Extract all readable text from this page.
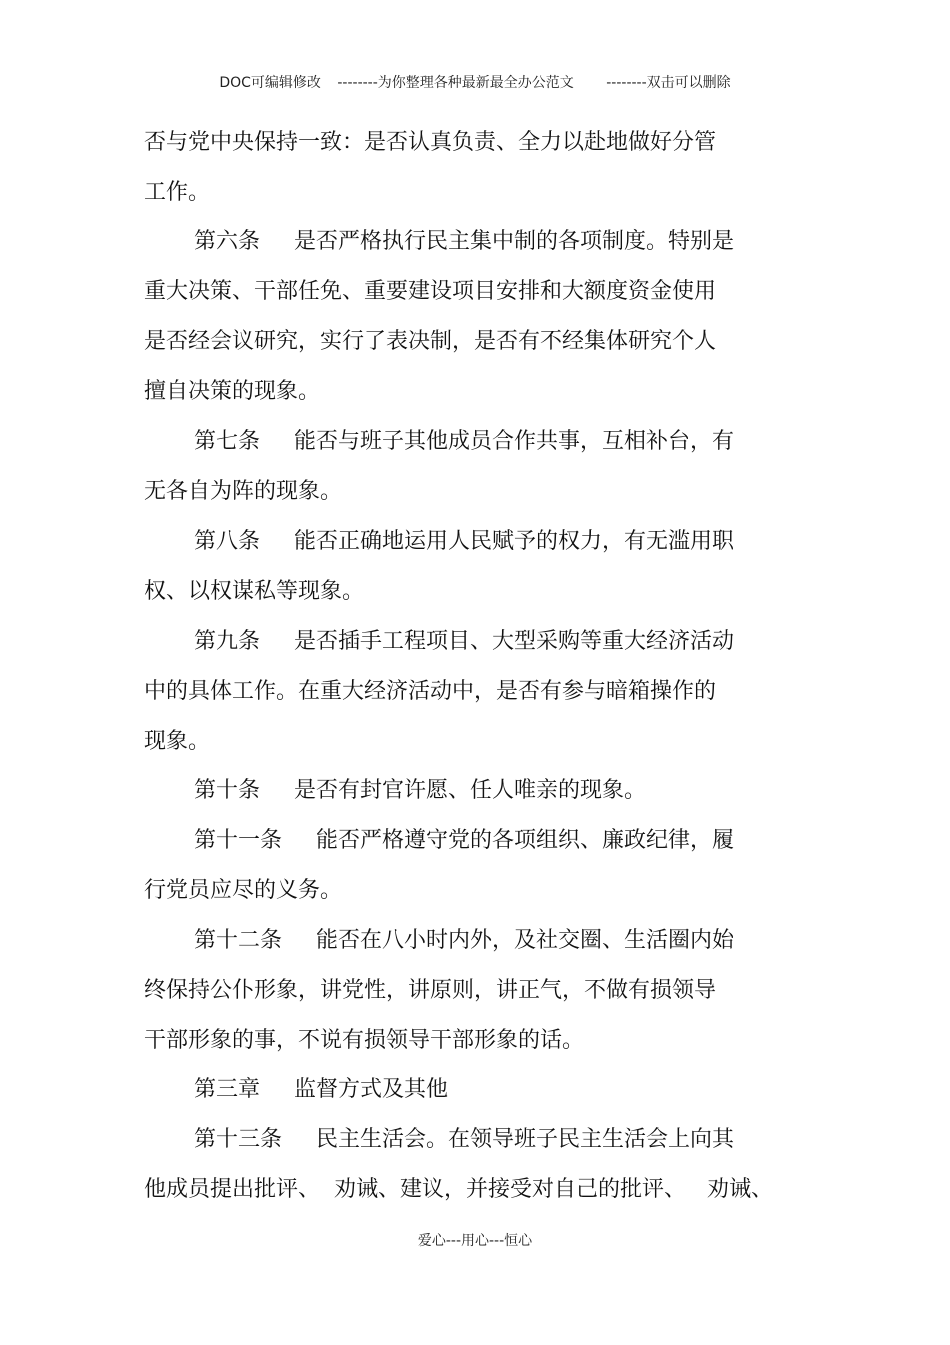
DOC可编辑修改 --------为你整理各种最新最全办公范文 --------双击可以删除
否与党中央保持一致：是否认真负责、全力以赴地做好分管
工作。
第六条 是否严格执行民主集中制的各项制度。特别是
重大决策、干部任免、重要建设项目安排和大额度资金使用
是否经会议研究，实行了表决制，是否有不经集体研究个人
擅自决策的现象。
第七条 能否与班子其他成员合作共事，互相补台，有
无各自为阵的现象。
第八条 能否正确地运用人民赋予的权力，有无滥用职
权、以权谋私等现象。
第九条 是否插手工程项目、大型采购等重大经济活动
中的具体工作。在重大经济活动中，是否有参与暗箱操作的
现象。
第十条 是否有封官许愿、任人唯亲的现象。
第十一条 能否严格遵守党的各项组织、廉政纪律，履
行党员应尽的义务。
第十二条 能否在八小时内外，及社交圈、生活圈内始
终保持公仆形象，讲党性，讲原则，讲正气，不做有损领导
干部形象的事，不说有损领导干部形象的话。
第三章 监督方式及其他
第十三条 民主生活会。在领导班子民主生活会上向其
他成员提出批评、  劝诫、建议，并接受对自己的批评、   劝诫、
爱心---用心---恒心
